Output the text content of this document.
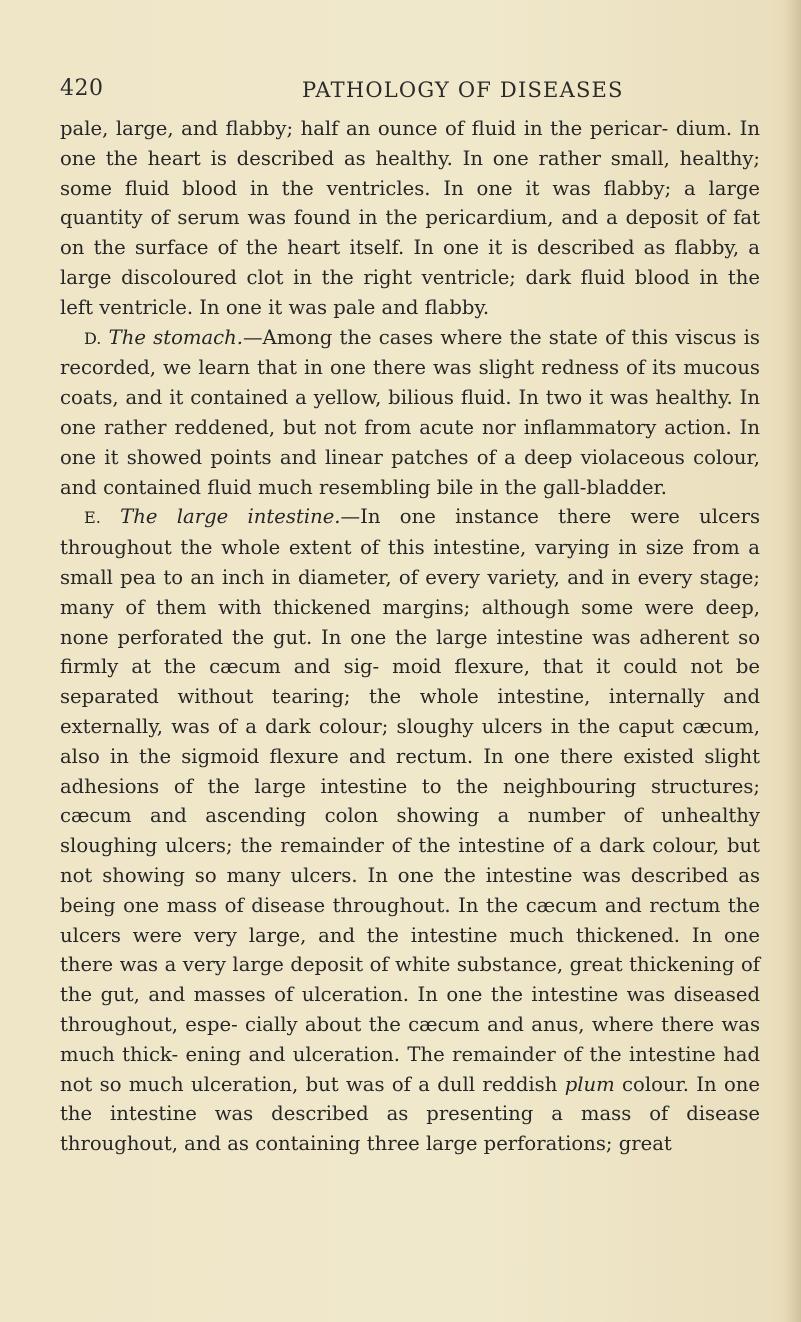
420	PATHOLOGY OF DISEASES

pale, large, and flabby; half an ounce of fluid in the pericar- dium. In one the heart is described as healthy. In one rather small, healthy; some fluid blood in the ventricles. In one it was flabby; a large quantity of serum was found in the pericardium, and a deposit of fat on the surface of the heart itself. In one it is described as flabby, a large discoloured clot in the right ventricle; dark fluid blood in the left ventricle. In one it was pale and flabby.

D. The stomach.—Among the cases where the state of this viscus is recorded, we learn that in one there was slight redness of its mucous coats, and it contained a yellow, bilious fluid. In two it was healthy. In one rather reddened, but not from acute nor inflammatory action. In one it showed points and linear patches of a deep violaceous colour, and contained fluid much resembling bile in the gall-bladder.

E. The large intestine.—In one instance there were ulcers throughout the whole extent of this intestine, varying in size from a small pea to an inch in diameter, of every variety, and in every stage; many of them with thickened margins; although some were deep, none perforated the gut. In one the large intestine was adherent so firmly at the cæcum and sig- moid flexure, that it could not be separated without tearing; the whole intestine, internally and externally, was of a dark colour; sloughy ulcers in the caput cæcum, also in the sigmoid flexure and rectum. In one there existed slight adhesions of the large intestine to the neighbouring structures; cæcum and ascending colon showing a number of unhealthy sloughing ulcers; the remainder of the intestine of a dark colour, but not showing so many ulcers. In one the intestine was described as being one mass of disease throughout. In the cæcum and rectum the ulcers were very large, and the intestine much thickened. In one there was a very large deposit of white substance, great thickening of the gut, and masses of ulceration. In one the intestine was diseased throughout, espe- cially about the cæcum and anus, where there was much thick- ening and ulceration. The remainder of the intestine had not so much ulceration, but was of a dull reddish plum colour. In one the intestine was described as presenting a mass of disease throughout, and as containing three large perforations; great
